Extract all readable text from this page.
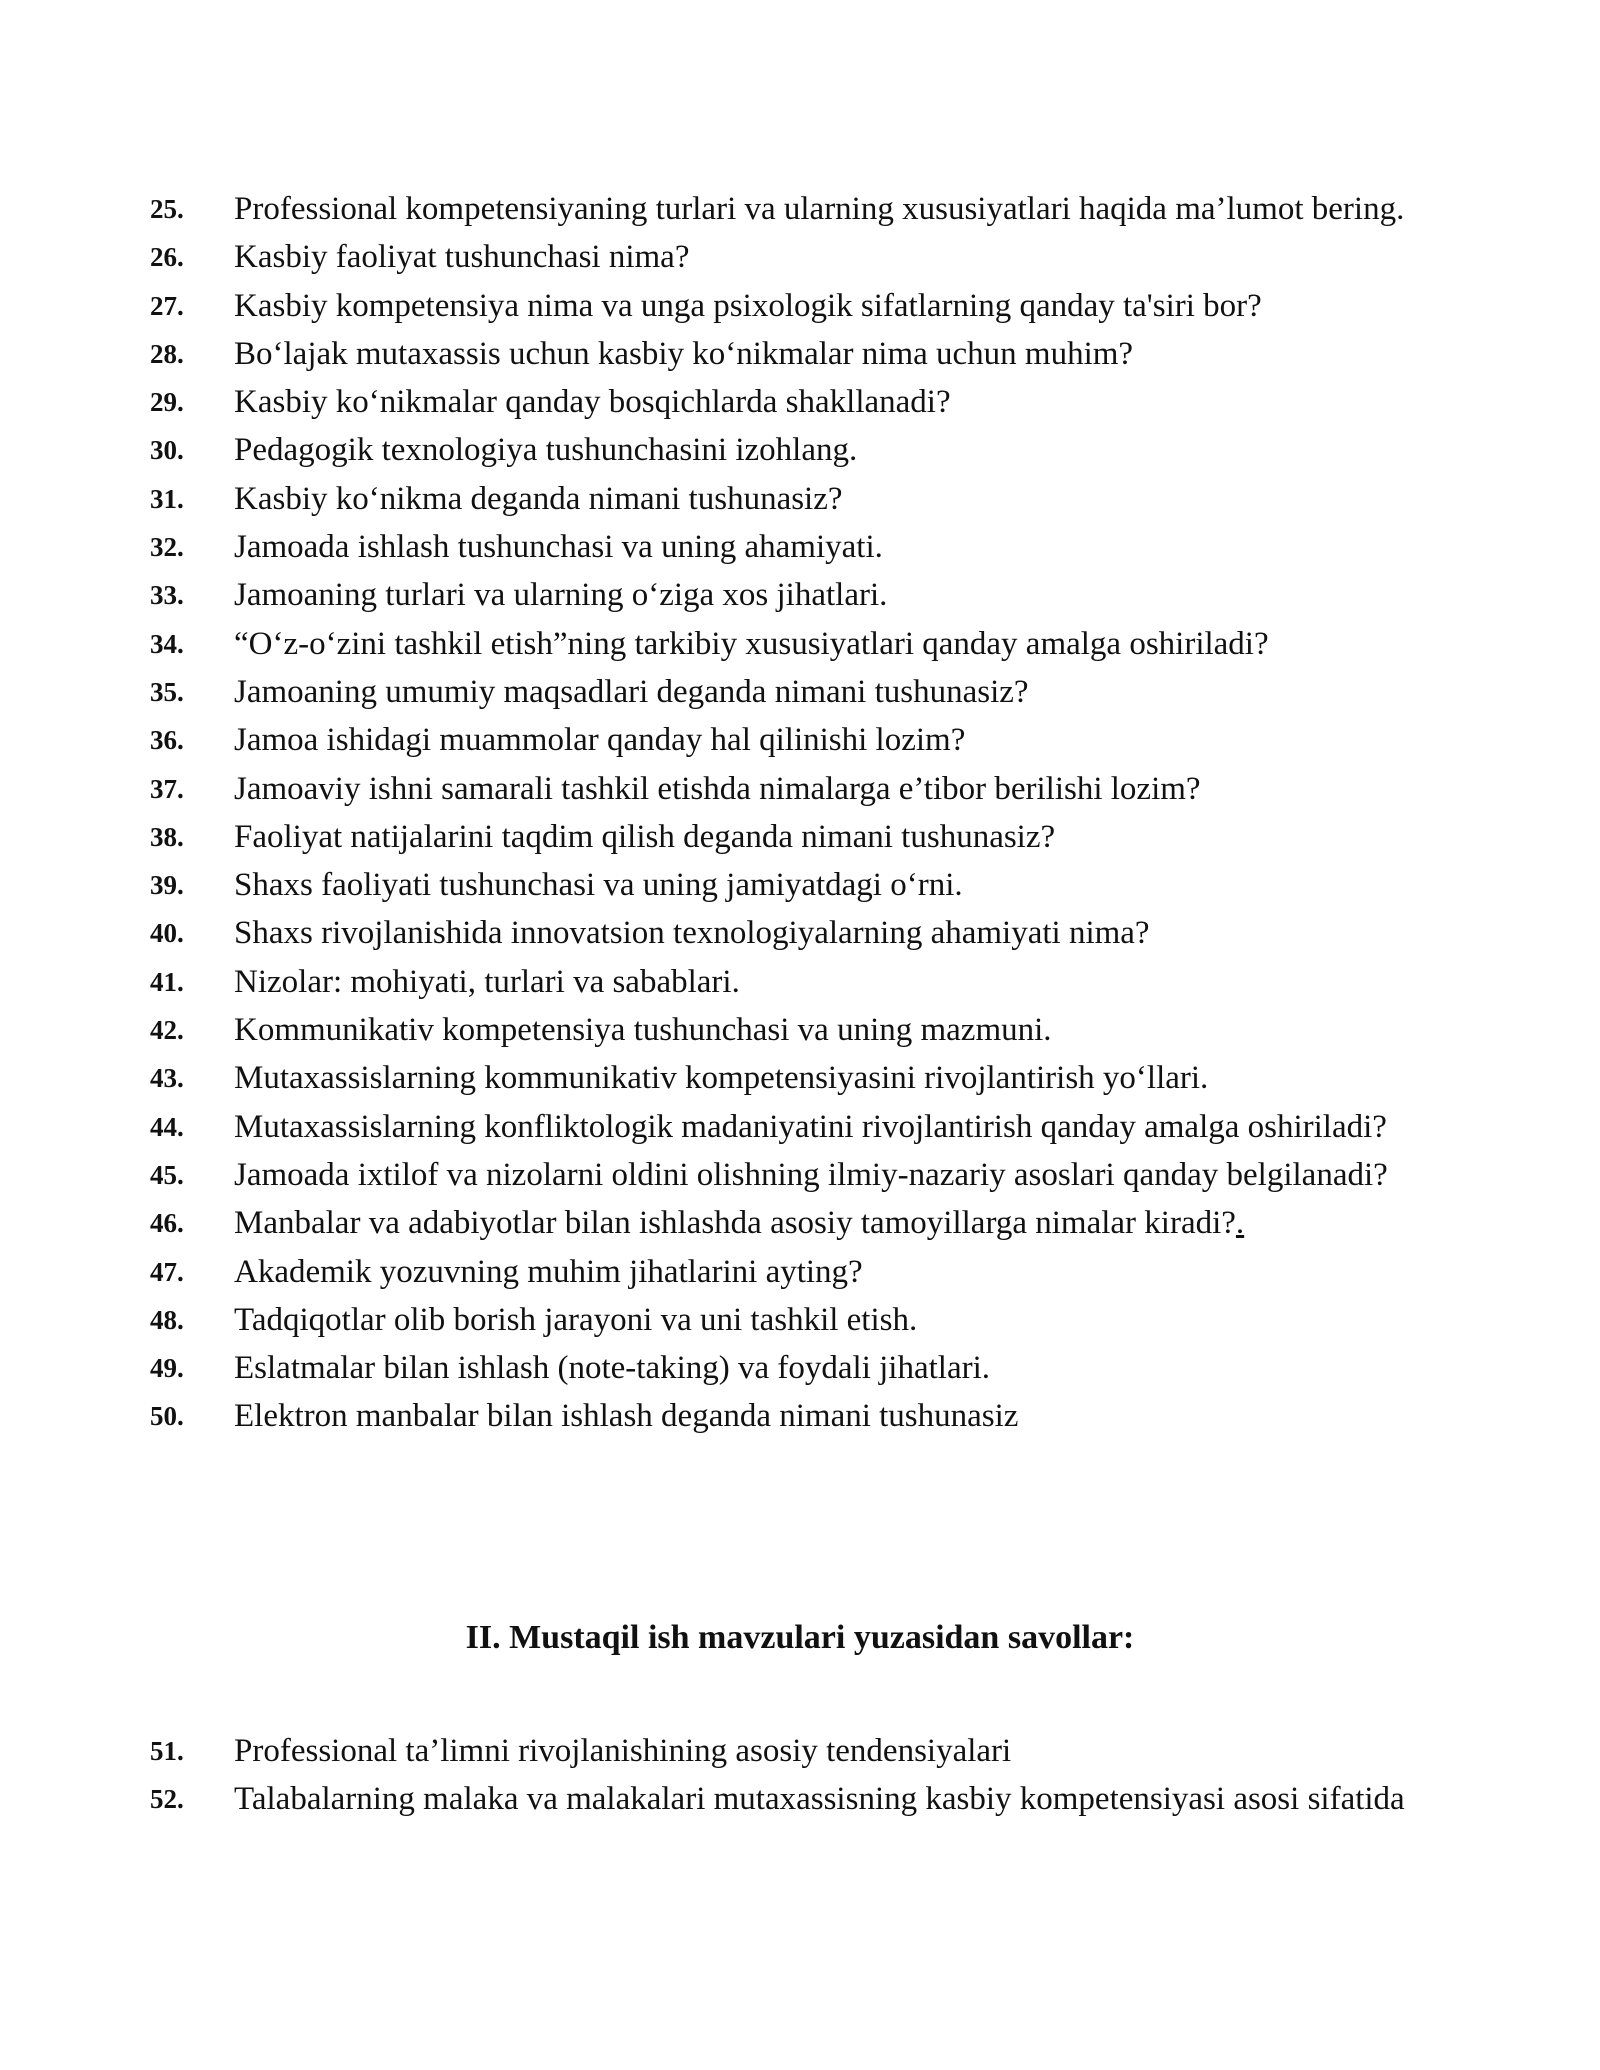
25.	Professional kompetensiyaning turlari va ularning xususiyatlari haqida ma’lumot bering.
26.	Kasbiy faoliyat tushunchasi nima?
27.	Kasbiy kompetensiya nima va unga psixologik sifatlarning qanday ta'siri bor?
28.	Bo‘lajak mutaxassis uchun kasbiy ko‘nikmalar nima uchun muhim?
29.	Kasbiy ko‘nikmalar qanday bosqichlarda shakllanadi?
30.	Pedagogik texnologiya tushunchasini izohlang.
31.	Kasbiy ko‘nikma deganda nimani tushunasiz?
32.	Jamoada ishlash tushunchasi va uning ahamiyati.
33.	Jamoaning turlari va ularning o‘ziga xos jihatlari.
34.	“O‘z-o‘zini tashkil etish”ning tarkibiy xususiyatlari qanday amalga oshiriladi?
35.	Jamoaning umumiy maqsadlari deganda nimani tushunasiz?
36.	Jamoa ishidagi muammolar qanday hal qilinishi lozim?
37.	Jamoaviy ishni samarali tashkil etishda nimalarga e’tibor berilishi lozim?
38.	Faoliyat natijalarini taqdim qilish deganda nimani tushunasiz?
39.	Shaxs faoliyati tushunchasi va uning jamiyatdagi o‘rni.
40.	Shaxs rivojlanishida innovatsion texnologiyalarning ahamiyati nima?
41.	Nizolar: mohiyati, turlari va sabablari.
42.	Kommunikativ kompetensiya tushunchasi va uning mazmuni.
43.	Mutaxassislarning kommunikativ kompetensiyasini rivojlantirish yo‘llari.
44.	Mutaxassislarning konfliktologik madaniyatini rivojlantirish qanday amalga oshiriladi?
45.	Jamoada ixtilof va nizolarni oldini olishning ilmiy-nazariy asoslari qanday belgilanadi?
46.	Manbalar va adabiyotlar bilan ishlashda asosiy tamoyillarga nimalar kiradi?.
47.	Akademik yozuvning muhim jihatlarini ayting?
48.	Tadqiqotlar olib borish jarayoni va uni tashkil etish.
49.	Eslatmalar bilan ishlash (note-taking) va foydali jihatlari.
50.	Elektron manbalar bilan ishlash deganda nimani tushunasiz
II. Mustaqil ish mavzulari yuzasidan savollar:
51.	Professional ta’limni rivojlanishining asosiy tendensiyalari
52.	Talabalarning malaka va malakalari mutaxassisning kasbiy kompetensiyasi asosi sifatida
